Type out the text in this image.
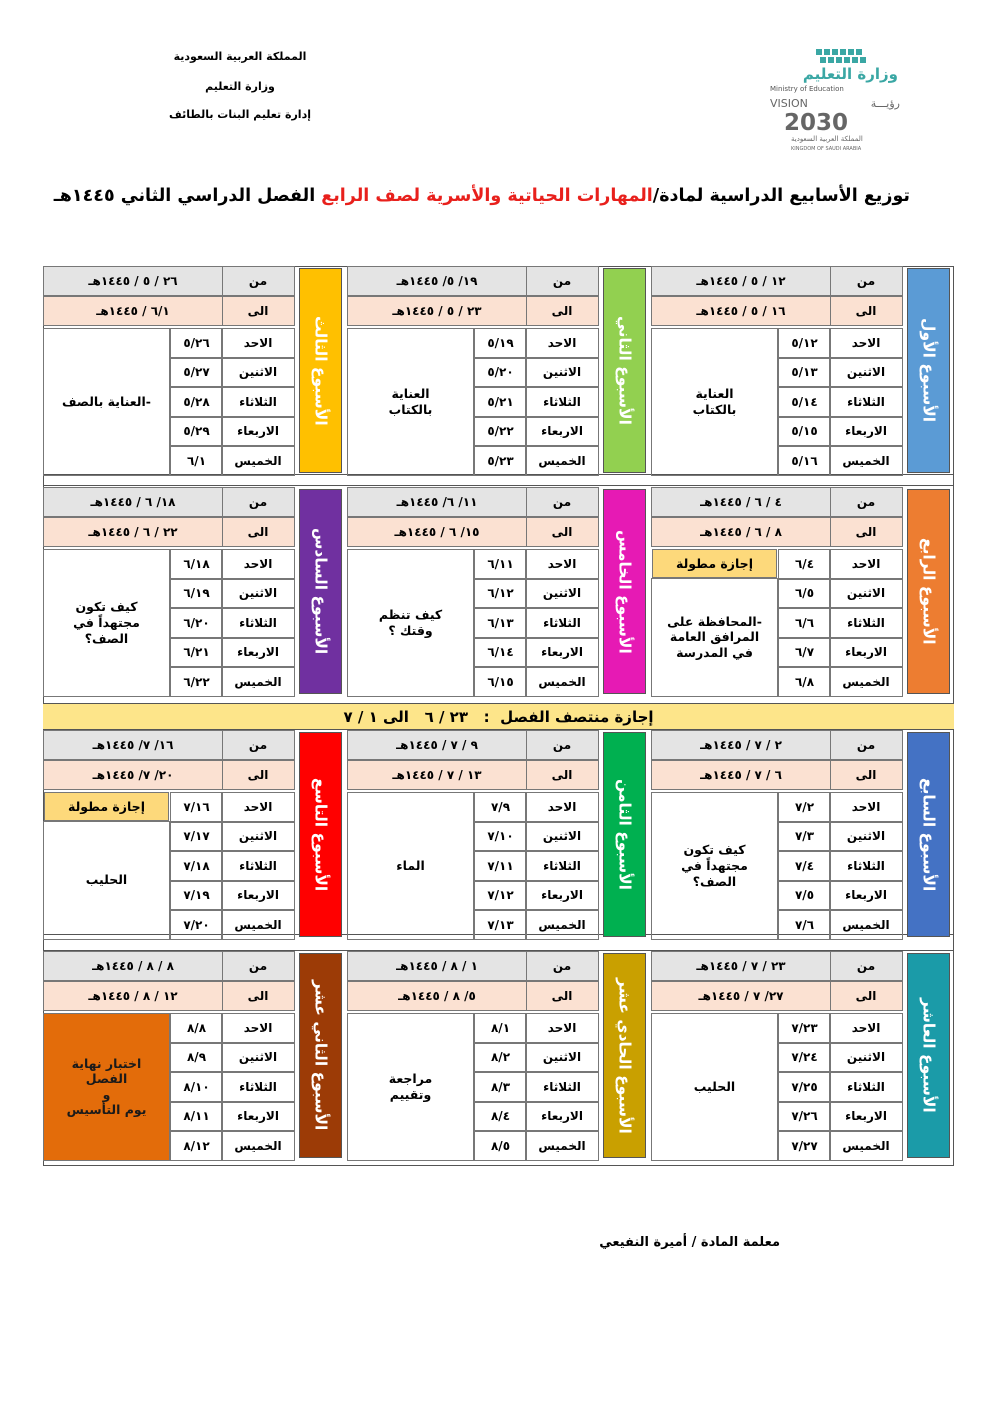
المملكة العربية السعودية
وزارة التعليم
إدارة تعليم البنات بالطائف
وزارة التعليم
Ministry of Education
VISION	رؤيـــة
2030
المملكة العربية السعودية
KINGDOM OF SAUDI ARABIA
توزيع الأسابيع الدراسية لمادة/المهارات الحياتية والأسرية لصف الرابع الفصل الدراسي الثاني ١٤٤٥هـ
الأسبوع الأول
من
١٢ / ٥ / ١٤٤٥هـ
الى
١٦ / ٥ / ١٤٤٥هـ
الاحد
٥/١٢
الاثنين
٥/١٣
الثلاثاء
٥/١٤
الاربعاء
٥/١٥
الخميس
٥/١٦
العناية
بالكتاب
الأسبوع الثاني
من
١٩/ ٥/ ١٤٤٥هـ
الى
٢٣ / ٥ / ١٤٤٥هـ
الاحد
٥/١٩
الاثنين
٥/٢٠
الثلاثاء
٥/٢١
الاربعاء
٥/٢٢
الخميس
٥/٢٣
العناية
بالكتاب
الأسبوع الثالث
من
٢٦ / ٥ / ١٤٤٥هـ
الى
٦/١ / ١٤٤٥هـ
الاحد
٥/٢٦
الاثنين
٥/٢٧
الثلاثاء
٥/٢٨
الاربعاء
٥/٢٩
الخميس
٦/١
-العناية بالصف
الأسبوع الرابع
من
٤ / ٦ / ١٤٤٥هـ
الى
٨ / ٦ / ١٤٤٥هـ
الاحد
٦/٤
الاثنين
٦/٥
الثلاثاء
٦/٦
الاربعاء
٦/٧
الخميس
٦/٨
إجازة مطولة
-المحافظة على
المرافق العامة
في المدرسة
الأسبوع الخامس
من
١١/ ٦/ ١٤٤٥هـ
الى
١٥/ ٦ / ١٤٤٥هـ
الاحد
٦/١١
الاثنين
٦/١٢
الثلاثاء
٦/١٣
الاربعاء
٦/١٤
الخميس
٦/١٥
كيف تنظم
وقتك ؟
الأسبوع السادس
من
١٨/ ٦ / ١٤٤٥هـ
الى
٢٢ / ٦ / ١٤٤٥هـ
الاحد
٦/١٨
الاثنين
٦/١٩
الثلاثاء
٦/٢٠
الاربعاء
٦/٢١
الخميس
٦/٢٢
كيف تكون
مجتهداً في
الصف؟
الأسبوع السابع
من
٢ / ٧ / ١٤٤٥هـ
الى
٦ / ٧ / ١٤٤٥هـ
الاحد
٧/٢
الاثنين
٧/٣
الثلاثاء
٧/٤
الاربعاء
٧/٥
الخميس
٧/٦
كيف تكون
مجتهداً في
الصف؟
الأسبوع الثامن
من
٩ / ٧ / ١٤٤٥هـ
الى
١٣ / ٧ / ١٤٤٥هـ
الاحد
٧/٩
الاثنين
٧/١٠
الثلاثاء
٧/١١
الاربعاء
٧/١٢
الخميس
٧/١٣
الماء
الأسبوع التاسع
من
١٦/ ٧/ ١٤٤٥هـ
الى
٢٠/ ٧/ ١٤٤٥هـ
الاحد
٧/١٦
الاثنين
٧/١٧
الثلاثاء
٧/١٨
الاربعاء
٧/١٩
الخميس
٧/٢٠
إجازة مطولة
الحليب
الأسبوع العاشر
من
٢٣ / ٧ / ١٤٤٥هـ
الى
٢٧/ ٧ / ١٤٤٥هـ
الاحد
٧/٢٣
الاثنين
٧/٢٤
الثلاثاء
٧/٢٥
الاربعاء
٧/٢٦
الخميس
٧/٢٧
الحليب
الأسبوع الحادي عشر
من
١ / ٨ / ١٤٤٥هـ
الى
٥/ ٨ / ١٤٤٥هـ
الاحد
٨/١
الاثنين
٨/٢
الثلاثاء
٨/٣
الاربعاء
٨/٤
الخميس
٨/٥
مراجعة
وتقييم
الأسبوع الثاني عشر
من
٨ / ٨ / ١٤٤٥هـ
الى
١٢ / ٨ / ١٤٤٥هـ
الاحد
٨/٨
الاثنين
٨/٩
الثلاثاء
٨/١٠
الاربعاء
٨/١١
الخميس
٨/١٢
اختبار نهاية
الفصل
و
يوم التأسيس
إجازة منتصف الفصل  :   ٢٣ / ٦   الى ١ / ٧
معلمة المادة / أميرة النفيعي
